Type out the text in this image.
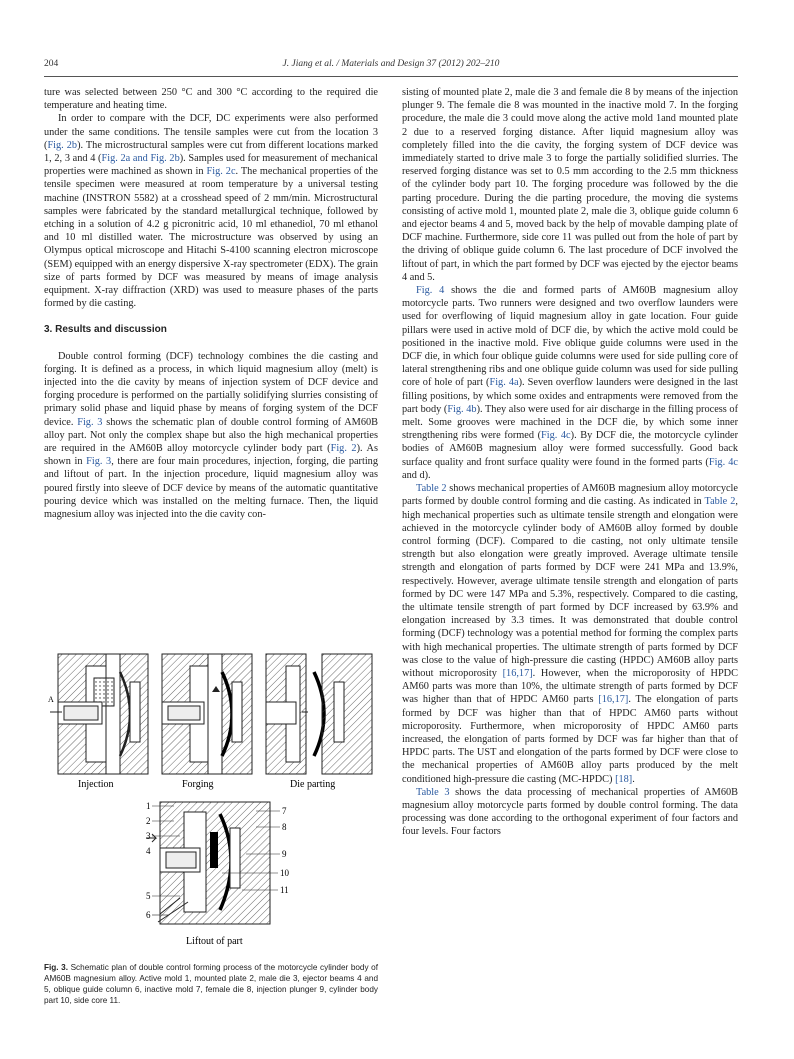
204	J. Jiang et al. / Materials and Design 37 (2012) 202–210

ture was selected between 250 °C and 300 °C according to the required die temperature and heating time.

In order to compare with the DCF, DC experiments were also performed under the same conditions. The tensile samples were cut from the location 3 (Fig. 2b). The microstructural samples were cut from different locations marked 1, 2, 3 and 4 (Fig. 2a and Fig. 2b). Samples used for measurement of mechanical properties were machined as shown in Fig. 2c. The mechanical properties of the tensile specimen were measured at room temperature by a universal testing machine (INSTRON 5582) at a crosshead speed of 2 mm/min. Microstructural samples were fabricated by the standard metallurgical technique, followed by etching in a solution of 4.2 g picronitric acid, 10 ml ethanediol, 70 ml ethanol and 10 ml distilled water. The microstructure was observed by using an Olympus optical microscope and Hitachi S-4100 scanning electron microscope (SEM) equipped with an energy dispersive X-ray spectrometer (EDX). The grain size of parts formed by DCF was measured by means of image analysis equipment. X-ray diffraction (XRD) was used to measure phases of the parts formed by die casting.

3. Results and discussion

Double control forming (DCF) technology combines the die casting and forging. It is defined as a process, in which liquid magnesium alloy (melt) is injected into the die cavity by means of injection system of DCF device and forging procedure is performed on the partially solidifying slurries consisting of primary solid phase and liquid phase by means of forging system of the DCF device. Fig. 3 shows the schematic plan of double control forming of AM60B alloy part. Not only the complex shape but also the high mechanical properties are required in the AM60B alloy motorcycle cylinder body part (Fig. 2). As shown in Fig. 3, there are four main procedures, injection, forging, die parting and liftout of part. In the injection procedure, liquid magnesium alloy was poured firstly into sleeve of DCF device by means of the automatic quantitative pouring device which was installed on the melting furnace. Then, the liquid magnesium alloy was injected into the die cavity con-

A
Injection	Forging	Die parting
Liftout of part
1
2
3
4
5
6
7
8
9
10
11
Fig. 3. Schematic plan of double control forming process of the motorcycle cylinder body of AM60B magnesium alloy. Active mold 1, mounted plate 2, male die 3, ejector beams 4 and 5, oblique guide column 6, inactive mold 7, female die 8, injection plunger 9, cylinder body part 10, side core 11.

sisting of mounted plate 2, male die 3 and female die 8 by means of the injection plunger 9. The female die 8 was mounted in the inactive mold 7. In the forging procedure, the male die 3 could move along the active mold 1and mounted plate 2 due to a reserved forging distance. After liquid magnesium alloy was completely filled into the die cavity, the forging system of DCF device was immediately started to drive male 3 to forge the partially solidified slurries. The reserved forging distance was set to 0.5 mm according to the 2.5 mm thickness of the cylinder body part 10. The forging procedure was followed by the die parting procedure. During the die parting procedure, the moving die systems consisting of active mold 1, mounted plate 2, male die 3, oblique guide column 6 and ejector beams 4 and 5, moved back by the help of movable damping plate of DCF machine. Furthermore, side core 11 was pulled out from the hole of part by the driving of oblique guide column 6. The last procedure of DCF involved the liftout of part, in which the part formed by DCF was ejected by the ejector beams 4 and 5.

Fig. 4 shows the die and formed parts of AM60B magnesium alloy motorcycle parts. Two runners were designed and two overflow launders were used for overflowing of liquid magnesium alloy in gate location. Four guide pillars were used in active mold of DCF die, by which the active mold could be positioned in the inactive mold. Five oblique guide columns were used in the DCF die, in which four oblique guide columns were used for side pulling core of lateral strengthening ribs and one oblique guide column was used for side pulling core of hole of part (Fig. 4a). Seven overflow launders were designed in the last filling positions, by which some oxides and entrapments were removed from the part body (Fig. 4b). They also were used for air discharge in the filling process of melt. Some grooves were machined in the DCF die, by which some inner strengthening ribs were formed (Fig. 4c). By DCF die, the motorcycle cylinder bodies of AM60B magnesium alloy were formed successfully. Good back surface quality and front surface quality were found in the formed parts (Fig. 4c and d).

Table 2 shows mechanical properties of AM60B magnesium alloy motorcycle parts formed by double control forming and die casting. As indicated in Table 2, high mechanical properties such as ultimate tensile strength and elongation were achieved in the motorcycle cylinder body of AM60B alloy formed by double control forming (DCF). Compared to die casting, not only ultimate tensile strength but also elongation were greatly improved. Average ultimate tensile strength and elongation of parts formed by DCF were 241 MPa and 13.9%, respectively. However, average ultimate tensile strength and elongation of parts formed by DC were 147 MPa and 5.3%, respectively. Compared to die casting, the ultimate tensile strength of part formed by DCF increased by 63.9% and elongation increased by 3.3 times. It was demonstrated that double control forming (DCF) technology was a potential method for forming the complex parts with high mechanical properties. The ultimate strength of parts formed by DCF was close to the value of high-pressure die casting (HPDC) AM60B alloy parts without microporosity [16,17]. However, when the microporosity of HPDC AM60 parts was more than 10%, the ultimate strength of parts formed by DCF was higher than that of HPDC AM60 parts [16,17]. The elongation of parts formed by DCF was higher than that of HPDC AM60 parts without microporosity. Furthermore, when microporosity of HPDC AM60 parts increased, the elongation of parts formed by DCF was far higher than that of HPDC parts. The UST and elongation of the parts formed by DCF were close to the mechanical properties of AM60B alloy parts produced by the melt conditioned high-pressure die casting (MC-HPDC) [18].

Table 3 shows the data processing of mechanical properties of AM60B magnesium alloy motorcycle parts formed by double control forming. The data processing was done according to the orthogonal experiment of four factors and four levels. Four factors
